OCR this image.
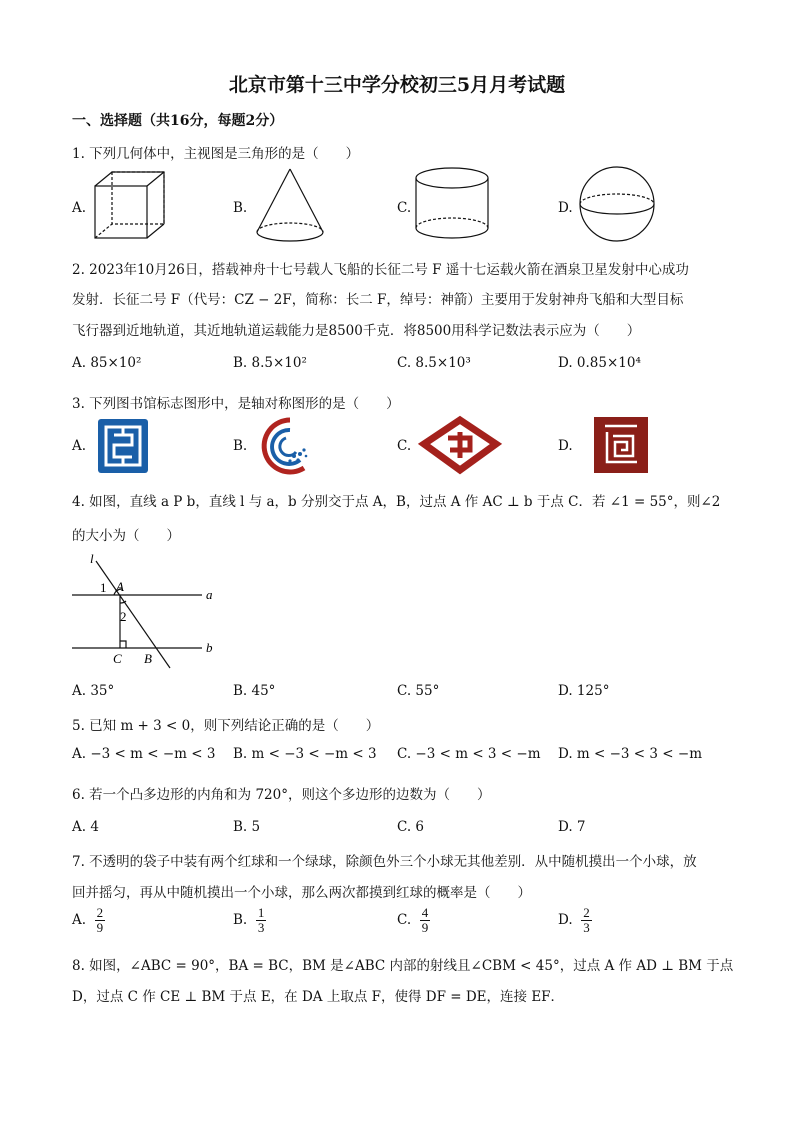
北京市第十三中学分校初三5月月考试题
一、选择题（共16分，每题2分）
1. 下列几何体中，主视图是三角形的是（　　）
A.	B.	C.	D.
2. 2023年10月26日，搭载神舟十七号载人飞船的长征二号 F 遥十七运载火箭在酒泉卫星发射中心成功
发射．长征二号 F（代号：CZ − 2F，简称：长二 F，绰号：神箭）主要用于发射神舟飞船和大型目标
飞行器到近地轨道，其近地轨道运载能力是8500千克．将8500用科学记数法表示应为（　　）
A. 85×10²	B. 8.5×10²	C. 8.5×10³	D. 0.85×10⁴
3. 下列图书馆标志图形中，是轴对称图形的是（　　）
A.	B.	C.	D.
4. 如图，直线 a P b，直线 l 与 a，b 分别交于点 A，B，过点 A 作 AC ⊥ b 于点 C．若 ∠1 = 55°，则∠2
的大小为（　　）
l
1 A
a
2
C B
b
A. 35°	B. 45°	C. 55°	D. 125°
5. 已知 m + 3 < 0，则下列结论正确的是（　　）
A. −3 < m < −m < 3 B. m < −3 < −m < 3 C. −3 < m < 3 < −m D. m < −3 < 3 < −m
6. 若一个凸多边形的内角和为 720°，则这个多边形的边数为（　　）
A. 4	B. 5	C. 6	D. 7
7. 不透明的袋子中装有两个红球和一个绿球，除颜色外三个小球无其他差别．从中随机摸出一个小球，放
回并摇匀，再从中随机摸出一个小球，那么两次都摸到红球的概率是（　　）
A. $\frac{2}{9}$	B. $\frac{1}{3}$	C. $\frac{4}{9}$	D. $\frac{2}{3}$
8. 如图，∠ABC = 90°，BA = BC，BM 是∠ABC 内部的射线且∠CBM < 45°，过点 A 作 AD ⊥ BM 于点
D，过点 C 作 CE ⊥ BM 于点 E，在 DA 上取点 F，使得 DF = DE，连接 EF．
